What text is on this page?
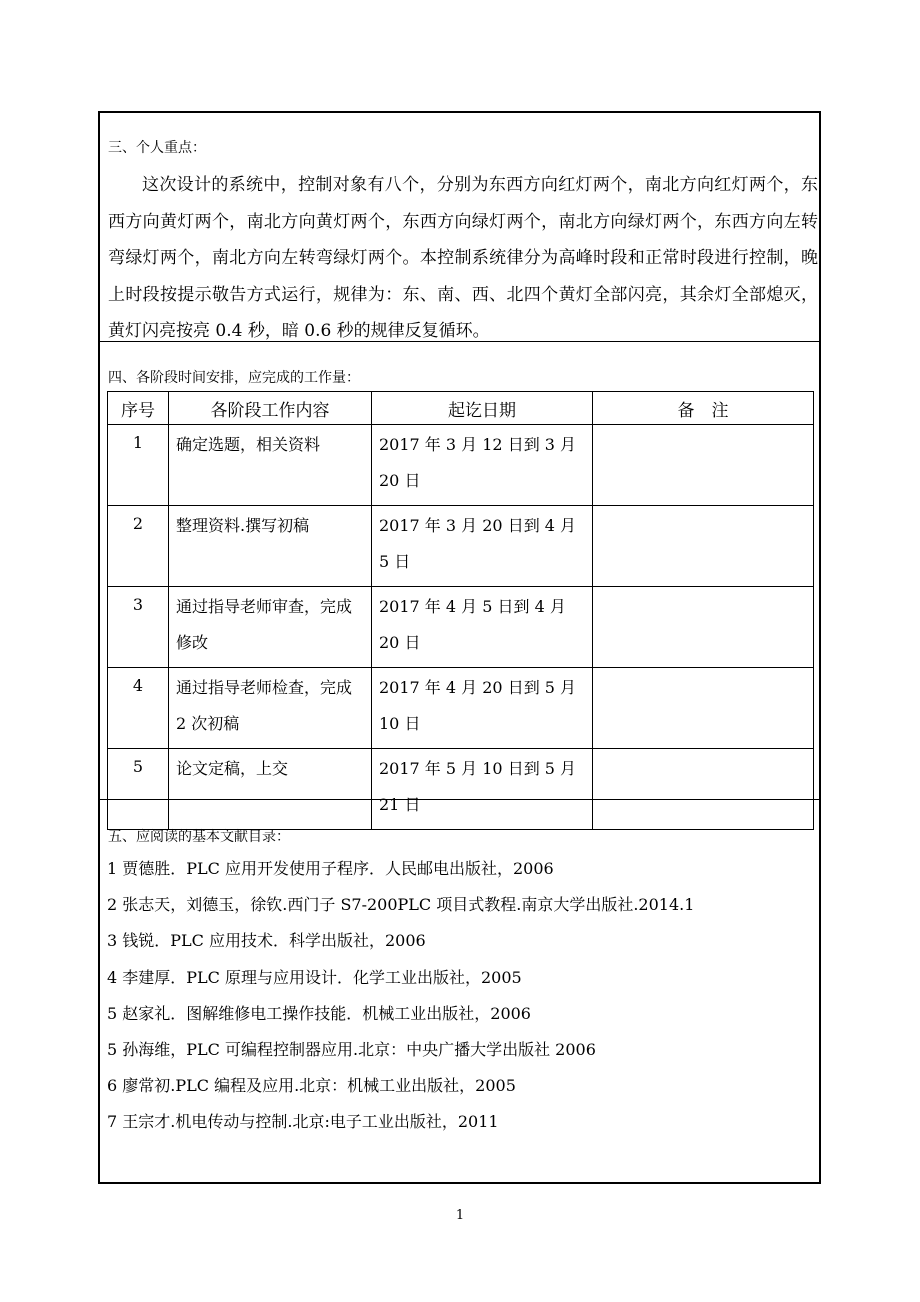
三、个人重点：
这次设计的系统中，控制对象有八个，分别为东西方向红灯两个，南北方向红灯两个，东西方向黄灯两个，南北方向黄灯两个，东西方向绿灯两个，南北方向绿灯两个，东西方向左转弯绿灯两个，南北方向左转弯绿灯两个。本控制系统律分为高峰时段和正常时段进行控制，晚上时段按提示敬告方式运行，规律为：东、南、西、北四个黄灯全部闪亮，其余灯全部熄灭，黄灯闪亮按亮 0.4 秒，暗 0.6 秒的规律反复循环。
四、各阶段时间安排，应完成的工作量：
序号	各阶段工作内容	起讫日期	备　注
1	确定选题，相关资料	2017 年 3 月 12 日到 3 月 20 日	

2	整理资料.撰写初稿	2017 年 3 月 20 日到 4 月 5 日	

3	通过指导老师审查，完成修改	2017 年 4 月 5 日到 4 月 20 日	

4	通过指导老师检查，完成 2 次初稿	2017 年 4 月 20 日到 5 月 10 日	

5	论文定稿，上交	2017 年 5 月 10 日到 5 月 21 日	

五、应阅读的基本文献目录：
1 贾德胜．PLC 应用开发使用子程序．人民邮电出版社，2006
2 张志天，刘德玉，徐钦.西门子 S7-200PLC 项目式教程.南京大学出版社.2014.1
3 钱锐．PLC 应用技术．科学出版社，2006
4 李建厚．PLC 原理与应用设计．化学工业出版社，2005
5 赵家礼．图解维修电工操作技能．机械工业出版社，2006
5 孙海维，PLC 可编程控制器应用.北京：中央广播大学出版社 2006
6 廖常初.PLC 编程及应用.北京：机械工业出版社，2005
7 王宗才.机电传动与控制.北京:电子工业出版社，2011
1
